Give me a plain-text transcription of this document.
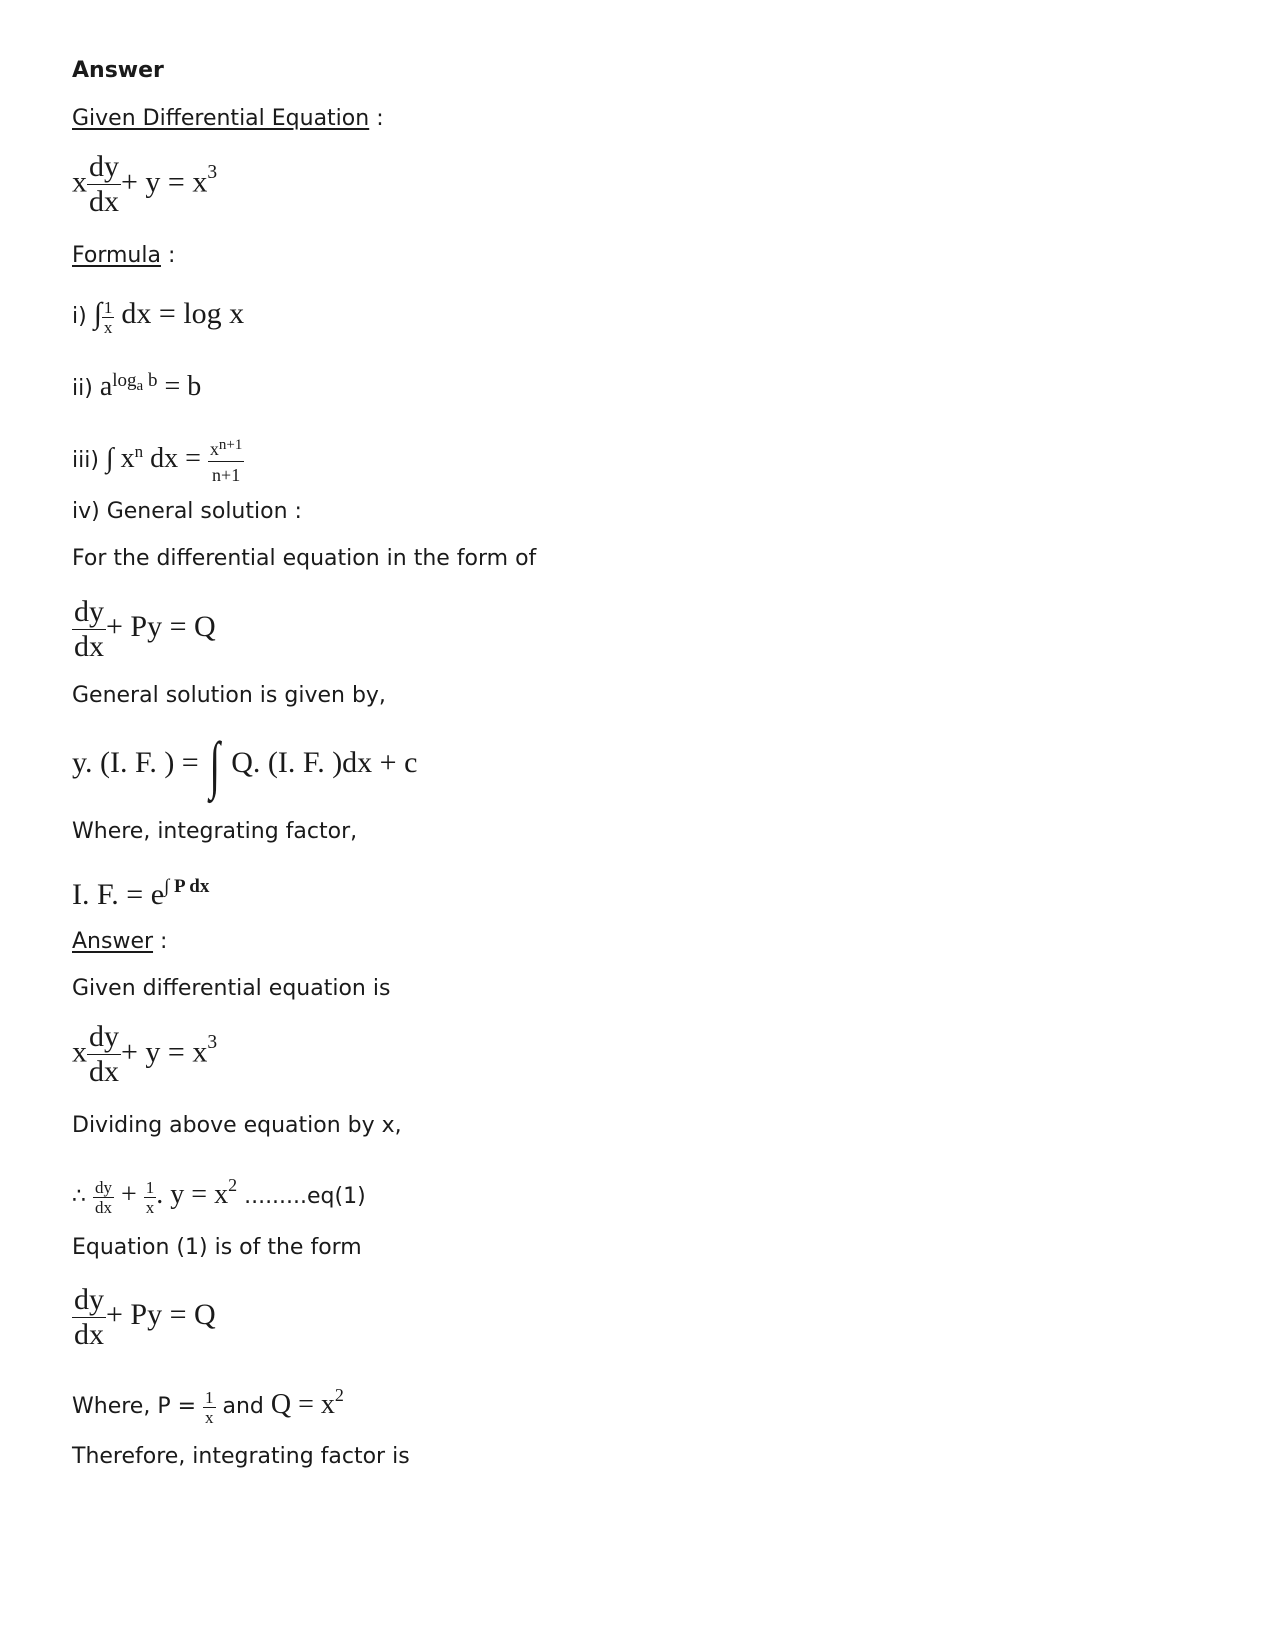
Answer
Given Differential Equation :
x $\frac{dy}{dx} + y = x^3$
Formula :
i) ∫ $\frac{1}{x}$ dx = log x
ii) $a^{log_a b} = b$
iii) ∫ $x^n$ dx = $\frac{x^{n+1}}{n+1}$
iv) General solution :
For the differential equation in the form of
$\frac{dy}{dx} + Py = Q$
General solution is given by,
y. (I. F. ) = ∫ Q. (I. F. )dx + c
Where, integrating factor,
I. F. = $e^{\int P dx}$
Answer :
Given differential equation is
x $\frac{dy}{dx} + y = x^3$
Dividing above equation by x,
∴ $\frac{dy}{dx} + \frac{1}{x}$ . $y = x^2$ .........eq(1)
Equation (1) is of the form
$\frac{dy}{dx} + Py = Q$
Where, $P = \frac{1}{x}$ and $Q = x^2$
Therefore, integrating factor is
